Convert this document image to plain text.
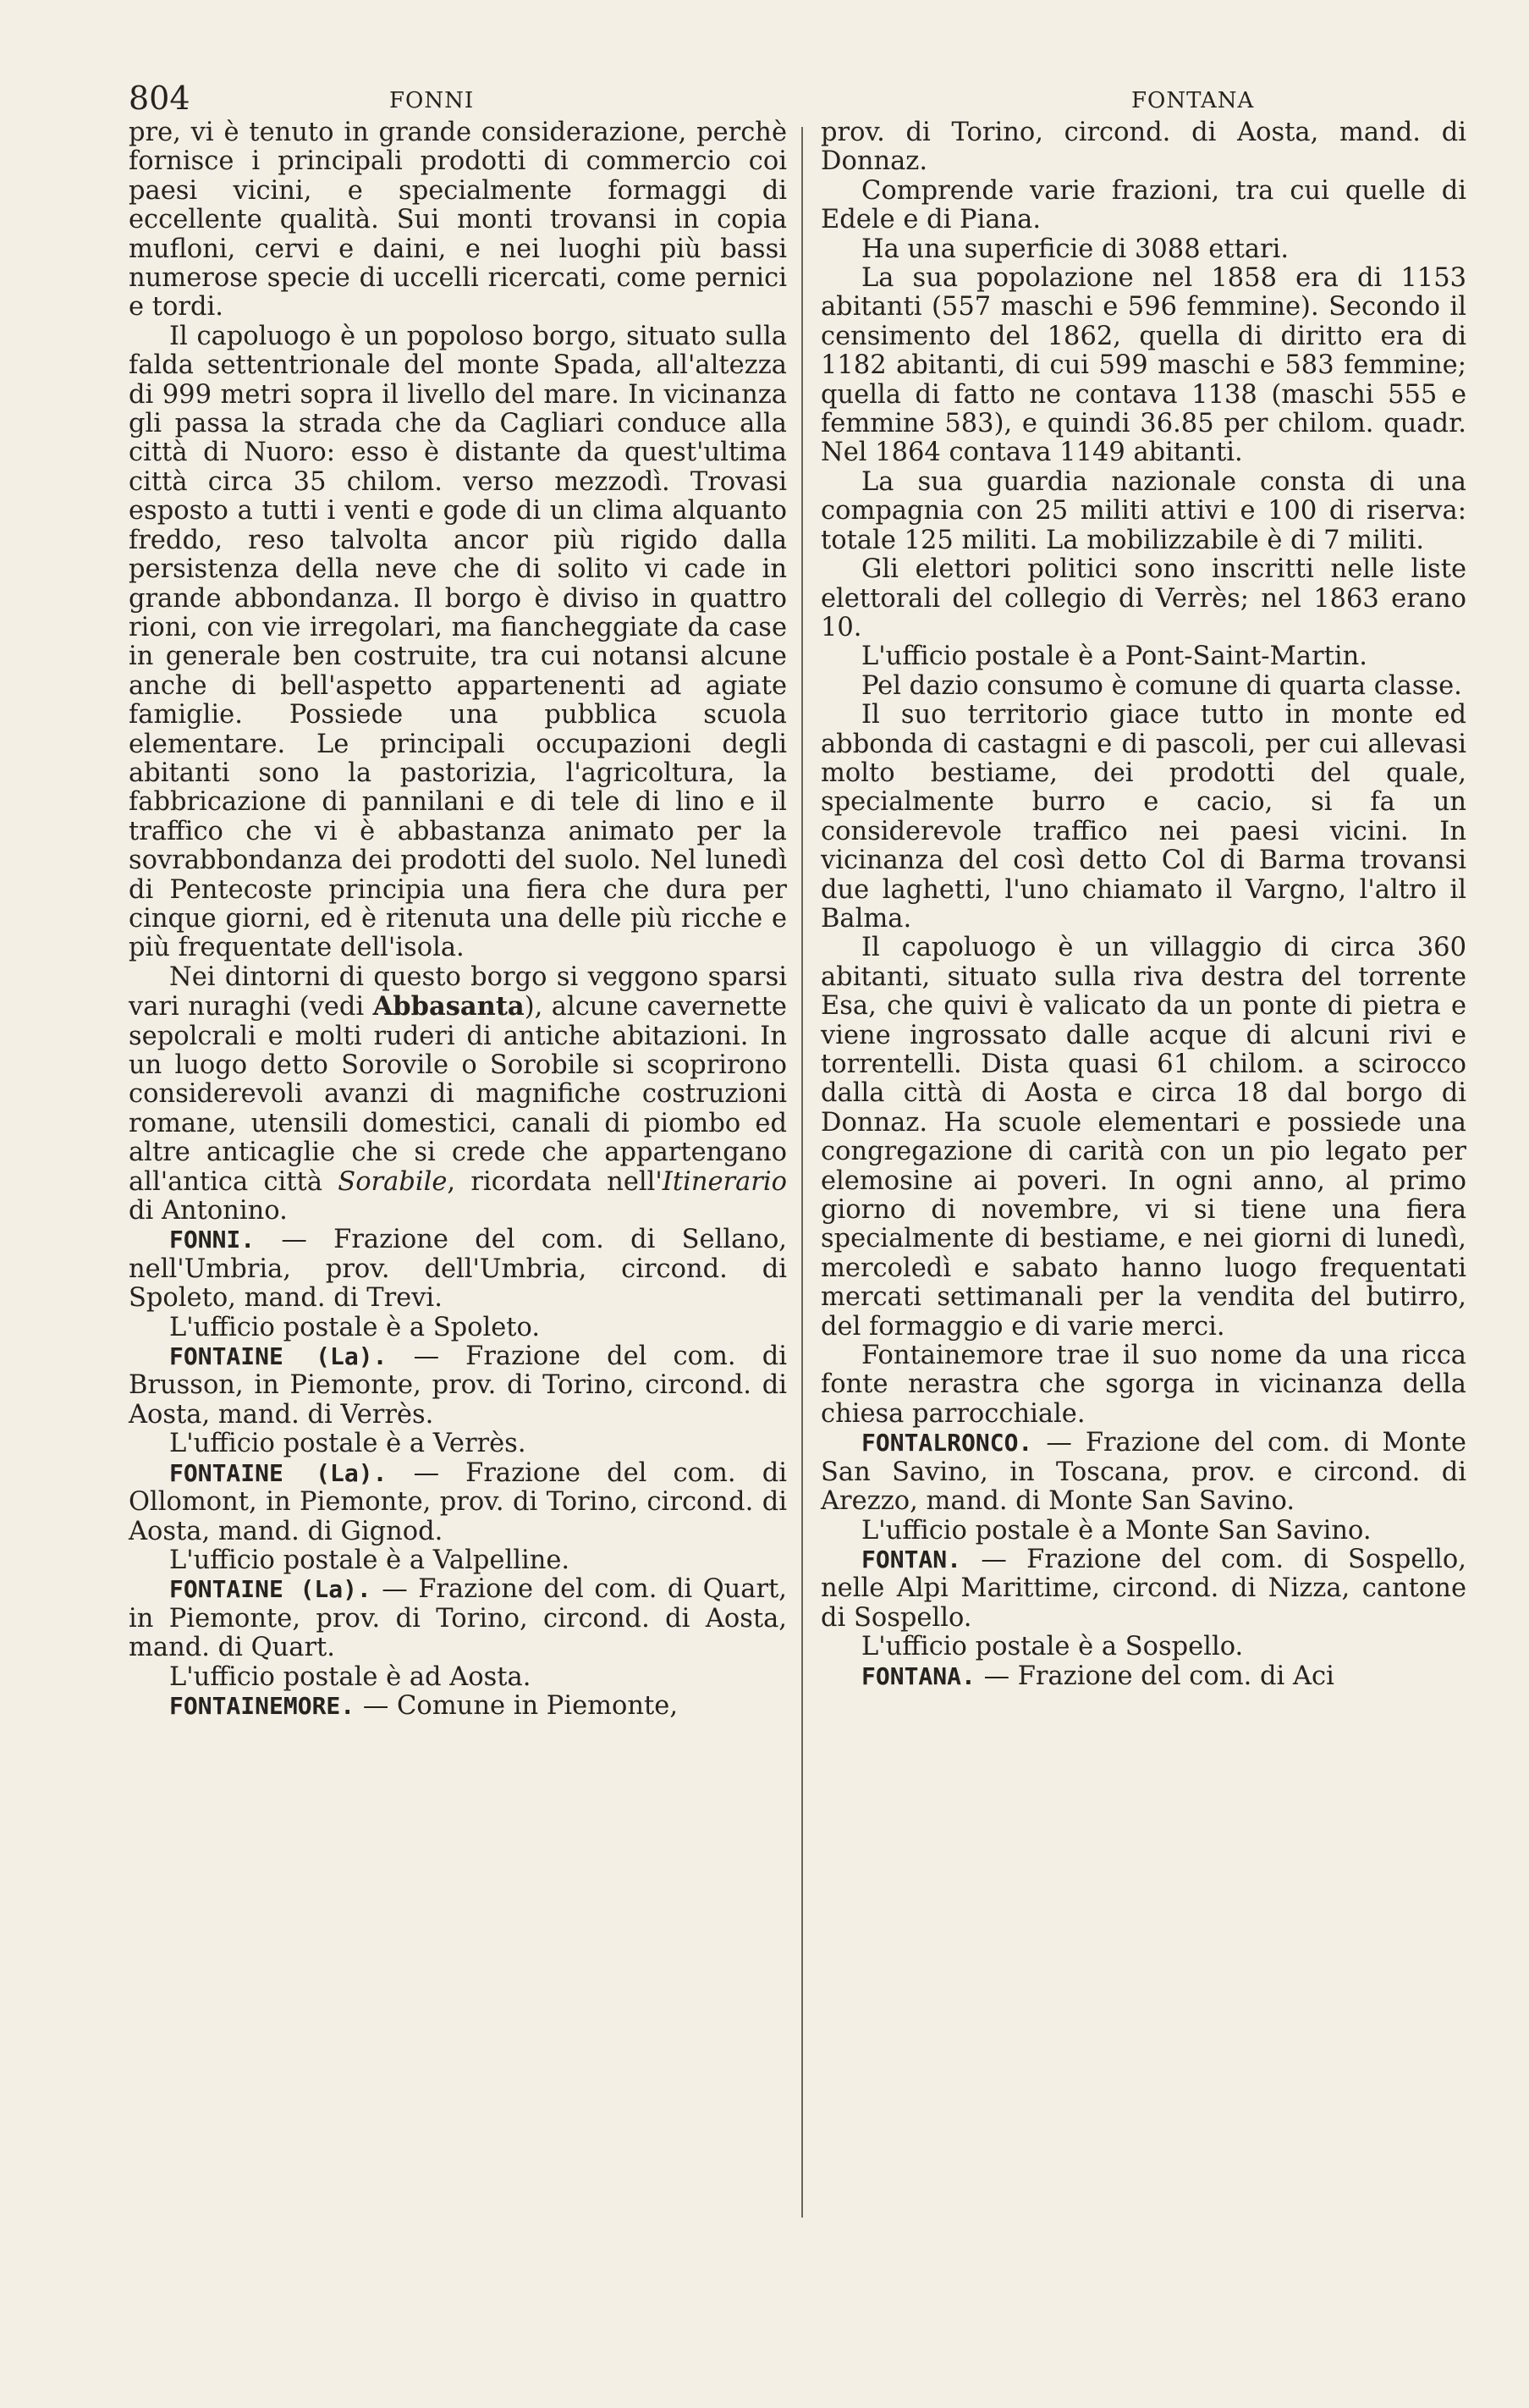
804	FONNI	FONTANA

pre, vi è tenuto in grande considerazione, perchè fornisce i principali prodotti di commercio coi paesi vicini, e specialmente formaggi di eccellente qualità. Sui monti trovansi in copia mufloni, cervi e daini, e nei luoghi più bassi numerose specie di uccelli ricercati, come pernici e tordi.

Il capoluogo è un popoloso borgo, situato sulla falda settentrionale del monte Spada, all'altezza di 999 metri sopra il livello del mare. In vicinanza gli passa la strada che da Cagliari conduce alla città di Nuoro: esso è distante da quest'ultima città circa 35 chilom. verso mezzodì. Trovasi esposto a tutti i venti e gode di un clima alquanto freddo, reso talvolta ancor più rigido dalla persistenza della neve che di solito vi cade in grande abbondanza. Il borgo è diviso in quattro rioni, con vie irregolari, ma fiancheggiate da case in generale ben costruite, tra cui notansi alcune anche di bell'aspetto appartenenti ad agiate famiglie. Possiede una pubblica scuola elementare. Le principali occupazioni degli abitanti sono la pastorizia, l'agricoltura, la fabbricazione di pannilani e di tele di lino e il traffico che vi è abbastanza animato per la sovrabbondanza dei prodotti del suolo. Nel lunedì di Pentecoste principia una fiera che dura per cinque giorni, ed è ritenuta una delle più ricche e più frequentate dell'isola.

Nei dintorni di questo borgo si veggono sparsi vari nuraghi (vedi Abbasanta), alcune cavernette sepolcrali e molti ruderi di antiche abitazioni. In un luogo detto Sorovile o Sorobile si scoprirono considerevoli avanzi di magnifiche costruzioni romane, utensili domestici, canali di piombo ed altre anticaglie che si crede che appartengano all'antica città Sorabile, ricordata nell'Itinerario di Antonino.

FONNI. — Frazione del com. di Sellano, nell'Umbria, prov. dell'Umbria, circond. di Spoleto, mand. di Trevi.

L'ufficio postale è a Spoleto.

FONTAINE (La). — Frazione del com. di Brusson, in Piemonte, prov. di Torino, circond. di Aosta, mand. di Verrès.

L'ufficio postale è a Verrès.

FONTAINE (La). — Frazione del com. di Ollomont, in Piemonte, prov. di Torino, circond. di Aosta, mand. di Gignod.

L'ufficio postale è a Valpelline.

FONTAINE (La). — Frazione del com. di Quart, in Piemonte, prov. di Torino, circond. di Aosta, mand. di Quart.

L'ufficio postale è ad Aosta.

FONTAINEMORE. — Comune in Piemonte,

prov. di Torino, circond. di Aosta, mand. di Donnaz.

Comprende varie frazioni, tra cui quelle di Edele e di Piana.

Ha una superficie di 3088 ettari.

La sua popolazione nel 1858 era di 1153 abitanti (557 maschi e 596 femmine). Secondo il censimento del 1862, quella di diritto era di 1182 abitanti, di cui 599 maschi e 583 femmine; quella di fatto ne contava 1138 (maschi 555 e femmine 583), e quindi 36.85 per chilom. quadr. Nel 1864 contava 1149 abitanti.

La sua guardia nazionale consta di una compagnia con 25 militi attivi e 100 di riserva: totale 125 militi. La mobilizzabile è di 7 militi.

Gli elettori politici sono inscritti nelle liste elettorali del collegio di Verrès; nel 1863 erano 10.

L'ufficio postale è a Pont-Saint-Martin.

Pel dazio consumo è comune di quarta classe.

Il suo territorio giace tutto in monte ed abbonda di castagni e di pascoli, per cui allevasi molto bestiame, dei prodotti del quale, specialmente burro e cacio, si fa un considerevole traffico nei paesi vicini. In vicinanza del così detto Col di Barma trovansi due laghetti, l'uno chiamato il Vargno, l'altro il Balma.

Il capoluogo è un villaggio di circa 360 abitanti, situato sulla riva destra del torrente Esa, che quivi è valicato da un ponte di pietra e viene ingrossato dalle acque di alcuni rivi e torrentelli. Dista quasi 61 chilom. a scirocco dalla città di Aosta e circa 18 dal borgo di Donnaz. Ha scuole elementari e possiede una congregazione di carità con un pio legato per elemosine ai poveri. In ogni anno, al primo giorno di novembre, vi si tiene una fiera specialmente di bestiame, e nei giorni di lunedì, mercoledì e sabato hanno luogo frequentati mercati settimanali per la vendita del butirro, del formaggio e di varie merci.

Fontainemore trae il suo nome da una ricca fonte nerastra che sgorga in vicinanza della chiesa parrocchiale.

FONTALRONCO. — Frazione del com. di Monte San Savino, in Toscana, prov. e circond. di Arezzo, mand. di Monte San Savino.

L'ufficio postale è a Monte San Savino.

FONTAN. — Frazione del com. di Sospello, nelle Alpi Marittime, circond. di Nizza, cantone di Sospello.

L'ufficio postale è a Sospello.

FONTANA. — Frazione del com. di Aci
